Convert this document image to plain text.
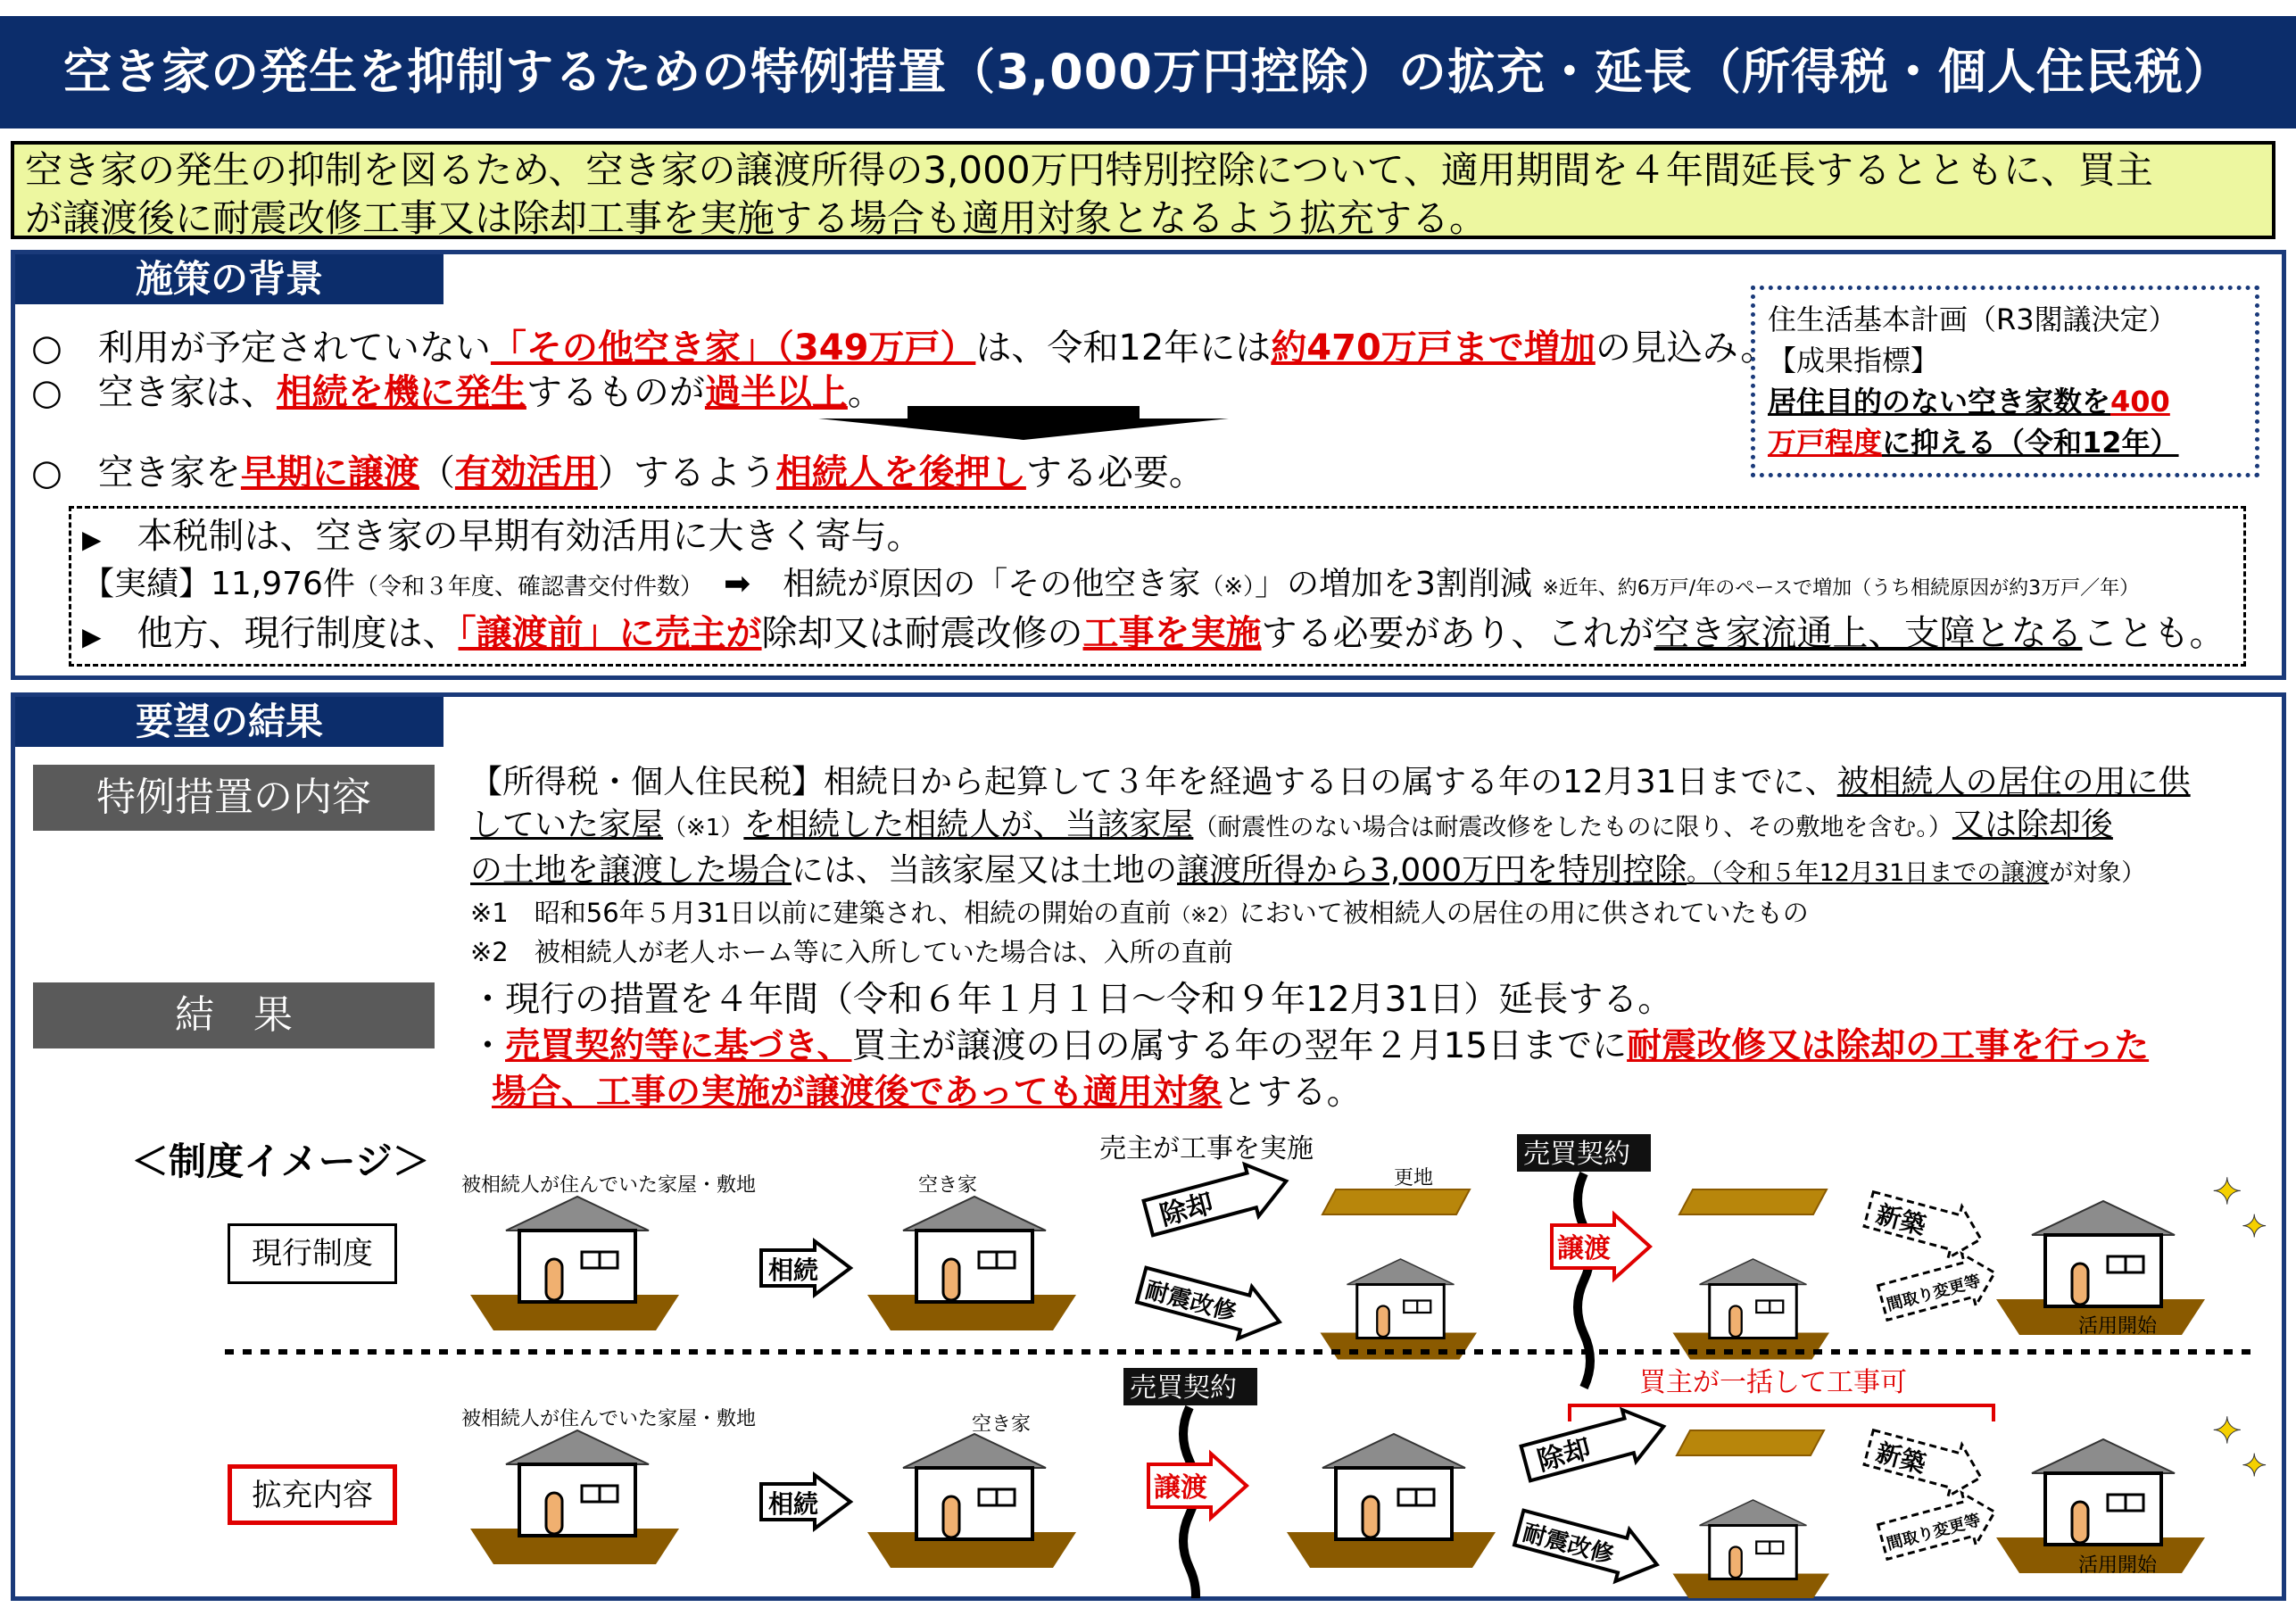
空き家の発生を抑制するための特例措置（3,000万円控除）の拡充・延長（所得税・個人住民税）
空き家の発生の抑制を図るため、空き家の譲渡所得の3,000万円特別控除について、適用期間を４年間延長するとともに、買主
が譲渡後に耐震改修工事又は除却工事を実施する場合も適用対象となるよう拡充する。
施策の背景
○　 利用が予定されていない「その他空き家」（349万戸）は、令和12年には約470万戸まで増加の見込み。
○　 空き家は、相続を機に発生するものが過半以上。
○　 空き家を早期に譲渡（有効活用）するよう相続人を後押しする必要。
住生活基本計画（R3閣議決定）
【成果指標】
居住目的のない空き家数を400
万戸程度に抑える（令和12年）
▶　 本税制は、空き家の早期有効活用に大きく寄与。
【実績】11,976件（令和３年度、確認書交付件数）　 ➡　 相続が原因の「その他空き家（※）」の増加を3割削減 ※近年、約6万戸/年のペースで増加（うち相続原因が約3万戸／年）
▶　 他方、現行制度は、「譲渡前」に売主が除却又は耐震改修の工事を実施する必要があり、これが空き家流通上、支障となることも。
要望の結果
特例措置の内容	【所得税・個人住民税】相続日から起算して３年を経過する日の属する年の12月31日までに、被相続人の居住の用に供
していた家屋（※1）を相続した相続人が、当該家屋（耐震性のない場合は耐震改修をしたものに限り、その敷地を含む。）又は除却後
の土地を譲渡した場合には、当該家屋又は土地の譲渡所得から3,000万円を特別控除。（令和５年12月31日までの譲渡が対象）
※1　昭和56年５月31日以前に建築され、相続の開始の直前（※2）において被相続人の居住の用に供されていたもの
※2　被相続人が老人ホーム等に入所していた場合は、入所の直前
結　果	・現行の措置を４年間（令和６年１月１日～令和９年12月31日）延長する。
・売買契約等に基づき、買主が譲渡の日の属する年の翌年２月15日までに耐震改修又は除却の工事を行った
場合、工事の実施が譲渡後であっても適用対象とする。
＜制度イメージ＞
現行制度
拡充内容
被相続人が住んでいた家屋・敷地
相続
空き家
売主が工事を実施
除却
耐震改修
更地
売買契約
譲渡
新築
間取り変更等
活用開始
✦
✦
被相続人が住んでいた家屋・敷地
相続
空き家
売買契約
譲渡
買主が一括して工事可
除却
耐震改修
新築
間取り変更等
活用開始
✦
✦
